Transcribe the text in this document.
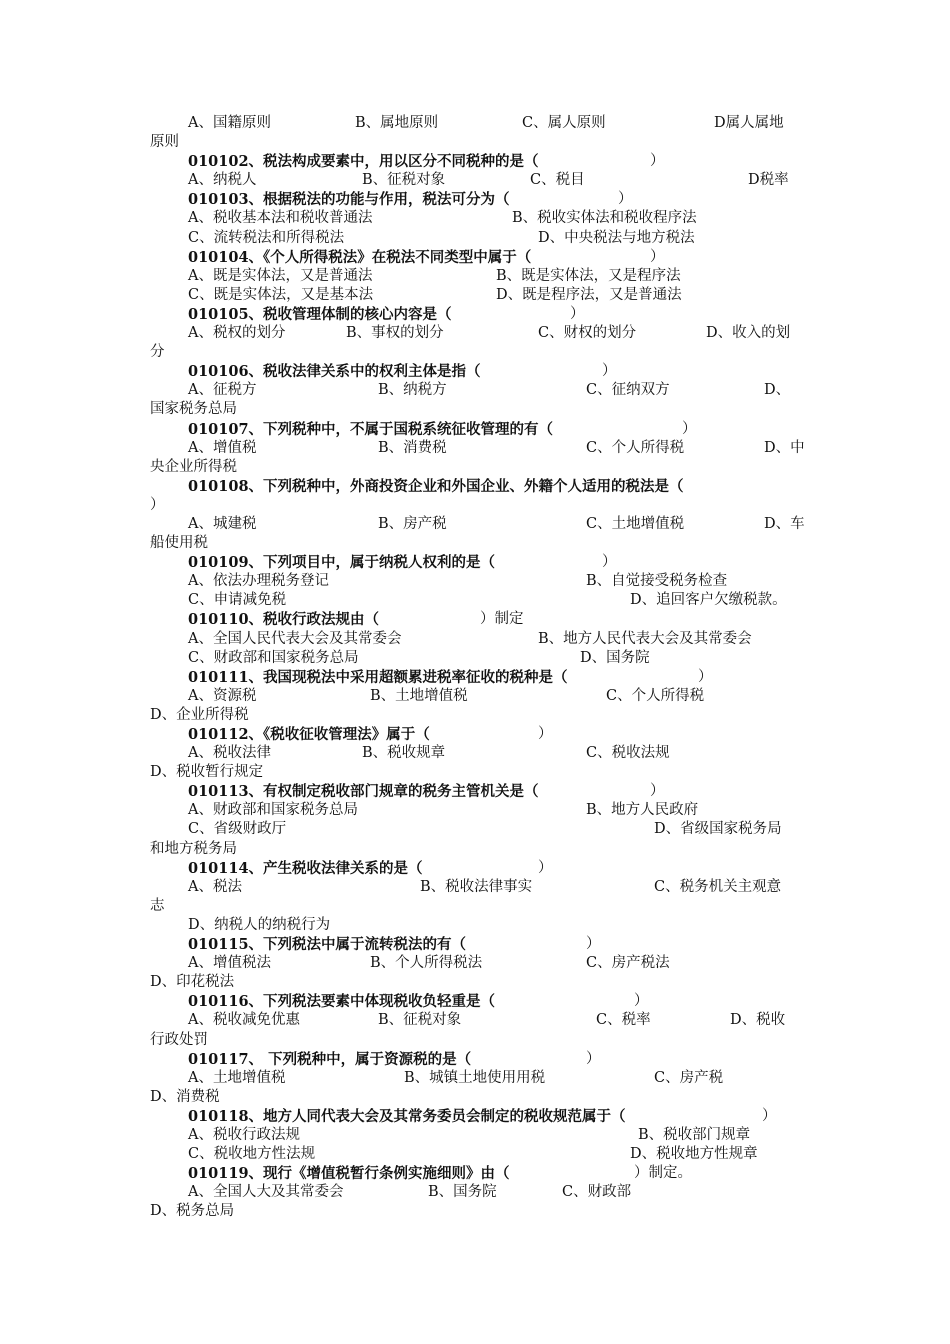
A、国籍原则	B、属地原则	C、属人原则	D属人属地
原则
010102、税法构成要素中，用以区分不同税种的是（	）
A、纳税人	B、征税对象	C、税目	D税率
010103、根据税法的功能与作用，税法可分为（	）
A、税收基本法和税收普通法	B、税收实体法和税收程序法
C、流转税法和所得税法	D、中央税法与地方税法
010104、《个人所得税法》在税法不同类型中属于（	）
A、既是实体法，又是普通法	B、既是实体法，又是程序法
C、既是实体法，又是基本法	D、既是程序法，又是普通法
010105、税收管理体制的核心内容是（	）
A、税权的划分	B、事权的划分	C、财权的划分	D、收入的划
分
010106、税收法律关系中的权利主体是指（	）
A、征税方	B、纳税方	C、征纳双方	D、
国家税务总局
010107、下列税种中，不属于国税系统征收管理的有（	）
A、增值税	B、消费税	C、个人所得税	D、中
央企业所得税
010108、下列税种中，外商投资企业和外国企业、外籍个人适用的税法是（
）
A、城建税	B、房产税	C、土地增值税	D、车
船使用税
010109、下列项目中，属于纳税人权利的是（	）
A、依法办理税务登记	B、自觉接受税务检查
C、申请减免税	D、追回客户欠缴税款。
010110、税收行政法规由（	）制定
A、全国人民代表大会及其常委会	B、地方人民代表大会及其常委会
C、财政部和国家税务总局	D、国务院
010111、我国现税法中采用超额累进税率征收的税种是（	）
A、资源税	B、土地增值税	C、个人所得税
D、企业所得税
010112、《税收征收管理法》属于（	）
A、税收法律	B、税收规章	C、税收法规
D、税收暂行规定
010113、有权制定税收部门规章的税务主管机关是（	）
A、财政部和国家税务总局	B、地方人民政府
C、省级财政厅	D、省级国家税务局
和地方税务局
010114、产生税收法律关系的是（	）
A、税法	B、税收法律事实	C、税务机关主观意
志
D、纳税人的纳税行为
010115、下列税法中属于流转税法的有（	）
A、增值税法	B、个人所得税法	C、房产税法
D、印花税法
010116、下列税法要素中体现税收负轻重是（	）
A、税收减免优惠	B、征税对象	C、税率	D、税收
行政处罚
010117、 下列税种中，属于资源税的是（	）
A、土地增值税	B、城镇土地使用用税	C、房产税
D、消费税
010118、地方人同代表大会及其常务委员会制定的税收规范属于（	）
A、税收行政法规	B、税收部门规章
C、税收地方性法规	D、税收地方性规章
010119、现行《增值税暂行条例实施细则》由（	）制定。
A、全国人大及其常委会	B、国务院	C、财政部
D、税务总局
